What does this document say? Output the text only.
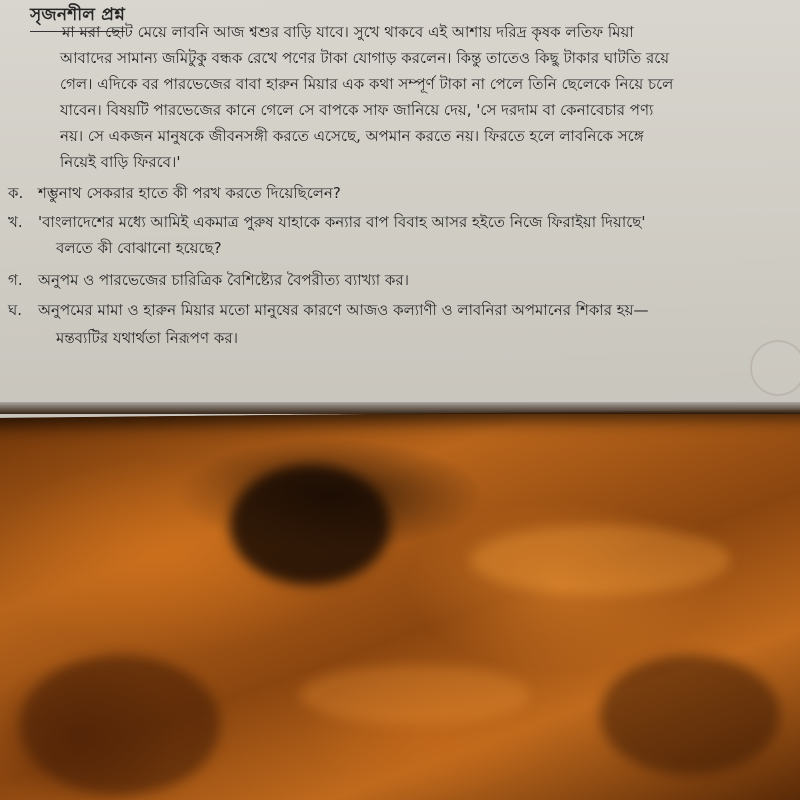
সৃজনশীল প্রশ্ন
মা মরা ছোট মেয়ে লাবনি আজ শ্বশুর বাড়ি যাবে। সুখে থাকবে এই আশায় দরিদ্র কৃষক লতিফ মিয়া
আবাদের সামান্য জমিটুকু বন্ধক রেখে পণের টাকা যোগাড় করলেন। কিন্তু তাতেও কিছু টাকার ঘাটতি রয়ে
গেল। এদিকে বর পারভেজের বাবা হারুন মিয়ার এক কথা সম্পূর্ণ টাকা না পেলে তিনি ছেলেকে নিয়ে চলে
যাবেন। বিষয়টি পারভেজের কানে গেলে সে বাপকে সাফ জানিয়ে দেয়, 'সে দরদাম বা কেনাবেচার পণ্য
নয়। সে একজন মানুষকে জীবনসঙ্গী করতে এসেছে, অপমান করতে নয়। ফিরতে হলে লাবনিকে সঙ্গে
নিয়েই বাড়ি ফিরবে।'
ক. শম্ভুনাথ সেকরার হাতে কী পরখ করতে দিয়েছিলেন?
খ. 'বাংলাদেশের মধ্যে আমিই একমাত্র পুরুষ যাহাকে কন্যার বাপ বিবাহ আসর হইতে নিজে ফিরাইয়া দিয়াছে'
বলতে কী বোঝানো হয়েছে?
গ. অনুপম ও পারভেজের চারিত্রিক বৈশিষ্ট্যের বৈপরীত্য ব্যাখ্যা কর।
ঘ. অনুপমের মামা ও হারুন মিয়ার মতো মানুষের কারণে আজও কল্যাণী ও লাবনিরা অপমানের শিকার হয়—
মন্তব্যটির যথার্থতা নিরূপণ কর।
